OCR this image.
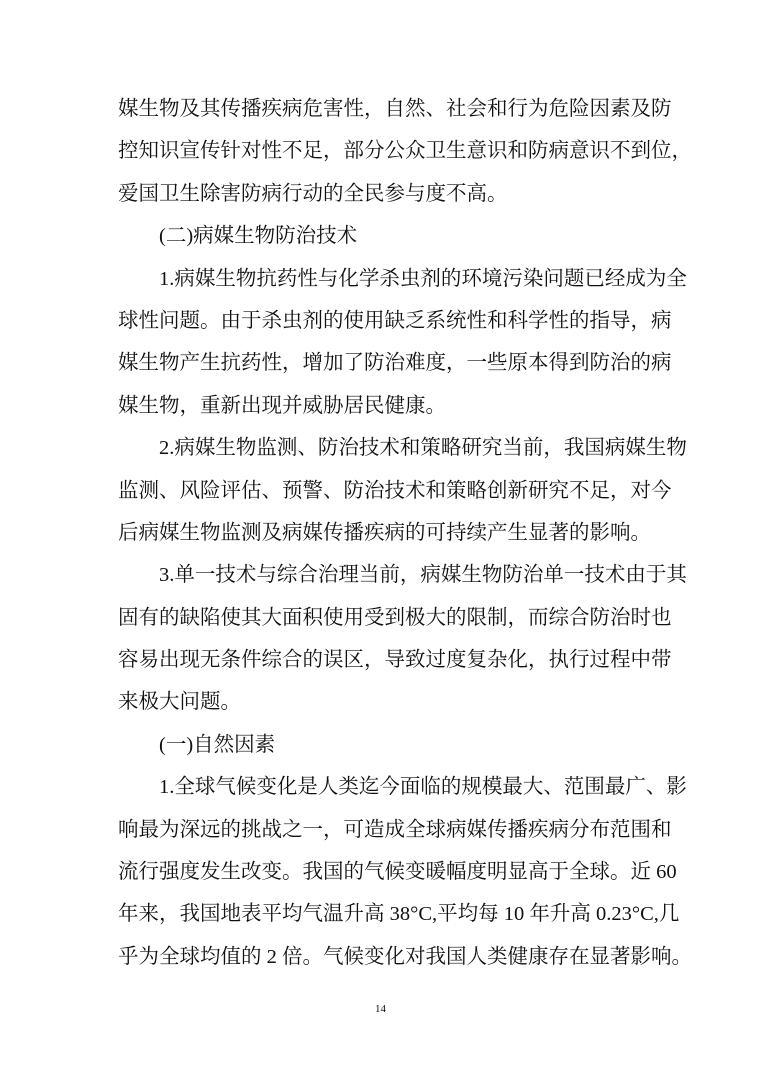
媒生物及其传播疾病危害性，自然、社会和行为危险因素及防
控知识宣传针对性不足，部分公众卫生意识和防病意识不到位，
爱国卫生除害防病行动的全民参与度不高。
(二)病媒生物防治技术
1.病媒生物抗药性与化学杀虫剂的环境污染问题已经成为全
球性问题。由于杀虫剂的使用缺乏系统性和科学性的指导，病
媒生物产生抗药性，增加了防治难度，一些原本得到防治的病
媒生物，重新出现并威胁居民健康。
2.病媒生物监测、防治技术和策略研究当前，我国病媒生物
监测、风险评估、预警、防治技术和策略创新研究不足，对今
后病媒生物监测及病媒传播疾病的可持续产生显著的影响。
3.单一技术与综合治理当前，病媒生物防治单一技术由于其
固有的缺陷使其大面积使用受到极大的限制，而综合防治时也
容易出现无条件综合的误区，导致过度复杂化，执行过程中带
来极大问题。
(一)自然因素
1.全球气候变化是人类迄今面临的规模最大、范围最广、影
响最为深远的挑战之一，可造成全球病媒传播疾病分布范围和
流行强度发生改变。我国的气候变暖幅度明显高于全球。近 60
年来，我国地表平均气温升高 38°C,平均每 10 年升高 0.23°C,几
乎为全球均值的 2 倍。气候变化对我国人类健康存在显著影响。
14
